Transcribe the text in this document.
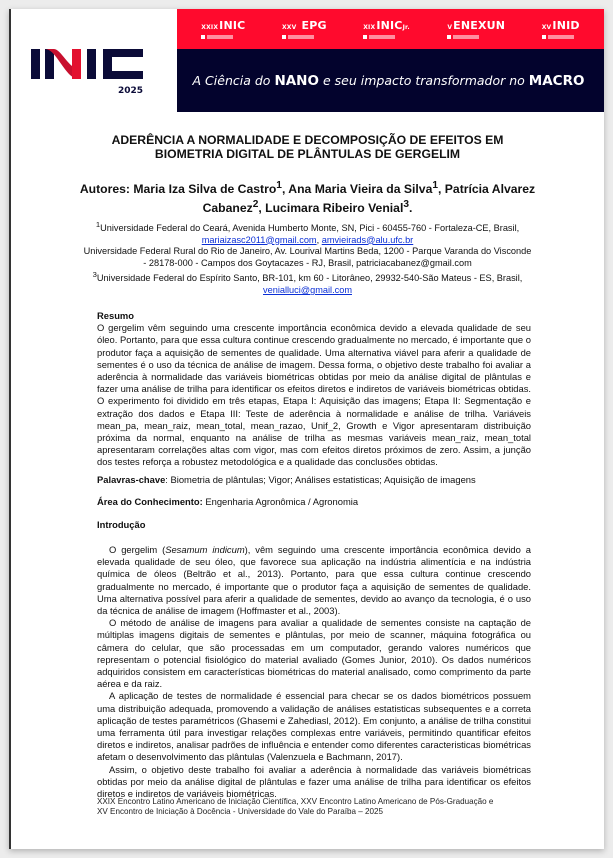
2025
XXIXINIC	XXV EPG	XIXINICJr.	VENEXUN	XVINID
A Ciência do NANO e seu impacto transformador no MACRO
ADERÊNCIA A NORMALIDADE E DECOMPOSIÇÃO DE EFEITOS EM
BIOMETRIA DIGITAL DE PLÂNTULAS DE GERGELIM
Autores: Maria Iza Silva de Castro$^1$, Ana Maria Vieira da Silva$^1$, Patrícia Alvarez Cabanez$^2$, Lucimara Ribeiro Venial$^3$.
$^1$Universidade Federal do Ceará, Avenida Humberto Monte, SN, Pici - 60455-760 - Fortaleza-CE, Brasil, mariaizasc2011@gmail.com, amvieirads@alu.ufc.br
Universidade Federal Rural do Rio de Janeiro, Av. Lourival Martins Beda, 1200 - Parque Varanda do Visconde - 28178-000 - Campos dos Goytacazes - RJ, Brasil, patriciacabanez@gmail.com
$^3$Universidade Federal do Espírito Santo, BR-101, km 60 - Litorâneo, 29932-540-São Mateus - ES, Brasil, venialluci@gmail.com
Resumo

O gergelim vêm seguindo uma crescente importância econômica devido a elevada qualidade de seu óleo. Portanto, para que essa cultura continue crescendo gradualmente no mercado, é importante que o produtor faça a aquisição de sementes de qualidade. Uma alternativa viável para aferir a qualidade de sementes é o uso da técnica de análise de imagem. Dessa forma, o objetivo deste trabalho foi avaliar a aderência à normalidade das variáveis biométricas obtidas por meio da análise digital de plântulas e fazer uma análise de trilha para identificar os efeitos diretos e indiretos de variáveis biométricas obtidas. O experimento foi dividido em três etapas, Etapa I: Aquisição das imagens; Etapa II: Segmentação e extração dos dados e Etapa III: Teste de aderência à normalidade e análise de trilha. Variáveis mean_pa, mean_raiz, mean_total, mean_razao, Unif_2, Growth e Vigor apresentaram distribuição próxima da normal, enquanto na análise de trilha as mesmas variáveis mean_raiz, mean_total apresentaram correlações altas com vigor, mas com efeitos diretos próximos de zero. Assim, a junção dos testes reforça a robustez metodológica e a qualidade das conclusões obtidas.

Palavras-chave: Biometria de plântulas; Vigor; Análises estatisticas; Aquisição de imagens
Área do Conhecimento: Engenharia Agronômica / Agronomia
Introdução

O gergelim (Sesamum indicum), vêm seguindo uma crescente importância econômica devido a elevada qualidade de seu óleo, que favorece sua aplicação na indústria alimentícia e na indústria química de óleos (Beltrão et al., 2013). Portanto, para que essa cultura continue crescendo gradualmente no mercado, é importante que o produtor faça a aquisição de sementes de qualidade. Uma alternativa possível para aferir a qualidade de sementes, devido ao avanço da tecnologia, é o uso da técnica de análise de imagem (Hoffmaster et al., 2003).

O método de análise de imagens para avaliar a qualidade de sementes consiste na captação de múltiplas imagens digitais de sementes e plântulas, por meio de scanner, máquina fotográfica ou câmera do celular, que são processadas em um computador, gerando valores numéricos que representam o potencial fisiológico do material avaliado (Gomes Junior, 2010). Os dados numéricos adquiridos consistem em características biométricas do material analisado, como comprimento da parte aérea e da raiz.

A aplicação de testes de normalidade é essencial para checar se os dados biométricos possuem uma distribuição adequada, promovendo a validação de análises estatisticas subsequentes e a correta aplicação de testes paramétricos (Ghasemi e Zahediasl, 2012). Em conjunto, a análise de trilha constitui uma ferramenta útil para investigar relações complexas entre variáveis, permitindo quantificar efeitos diretos e indiretos, analisar padrões de influência e entender como diferentes caracteristicas biométricas afetam o desenvolvimento das plântulas (Valenzuela e Bachmann, 2017).

Assim, o objetivo deste trabalho foi avaliar a aderência à normalidade das variáveis biométricas obtidas por meio da análise digital de plântulas e fazer uma análise de trilha para identificar os efeitos diretos e indiretos de variáveis biométricas.

XXIX Encontro Latino Americano de Iniciação Científica, XXV Encontro Latino Americano de Pós-Graduação e
XV Encontro de Iniciação à Docência - Universidade do Vale do Paraíba – 2025
